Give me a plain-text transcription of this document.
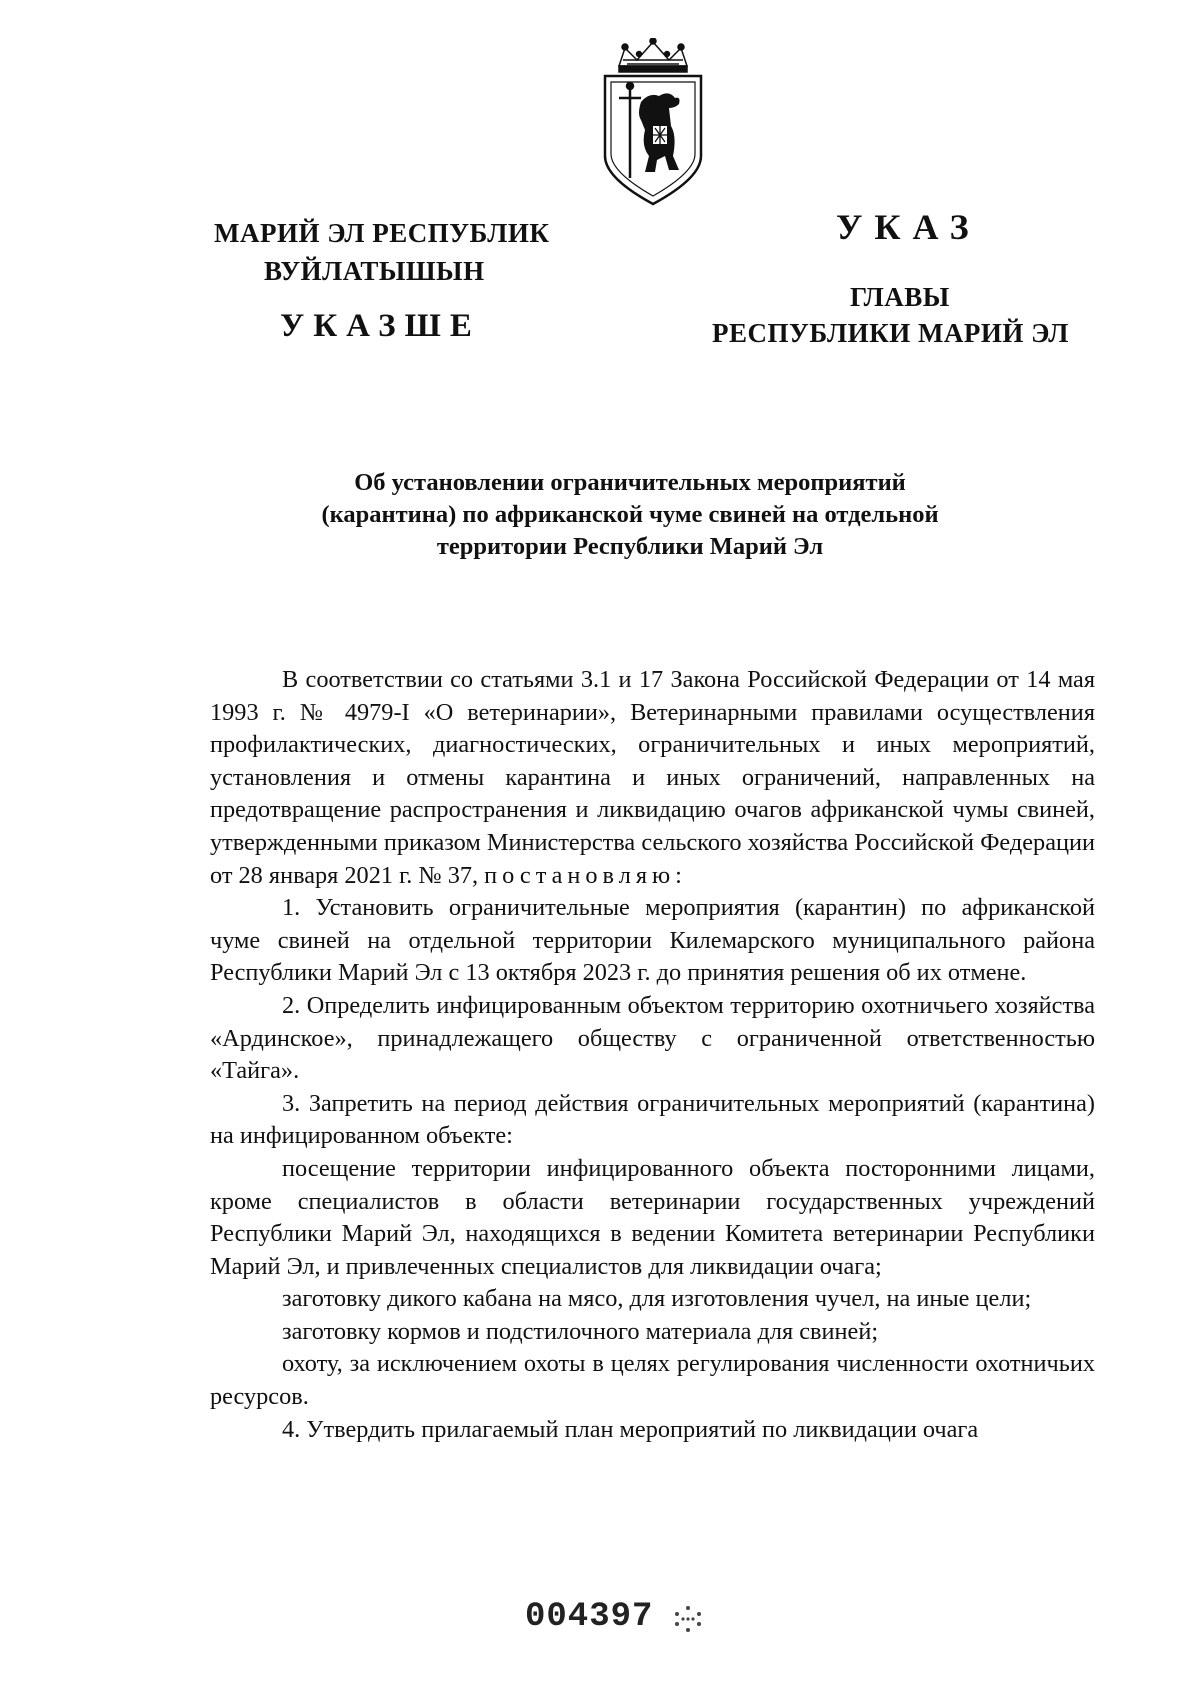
МАРИЙ ЭЛ РЕСПУБЛИК
ВУЙЛАТЫШЫН
УКАЗШЕ
УКАЗ
ГЛАВЫ
РЕСПУБЛИКИ МАРИЙ ЭЛ
Об установлении ограничительных мероприятий
(карантина) по африканской чуме свиней на отдельной
территории Республики Марий Эл

В соответствии со статьями 3.1 и 17 Закона Российской Федерации от 14 мая 1993 г. № 4979-I «О ветеринарии», Ветеринарными правилами осуществления профилактических, диагностических, ограничительных и иных мероприятий, установления и отмены карантина и иных ограничений, направленных на предотвращение распространения и ликвидацию очагов африканской чумы свиней, утвержденными приказом Министерства сельского хозяйства Российской Федерации от 28 января 2021 г. № 37, постановляю:

1. Установить ограничительные мероприятия (карантин) по африканской чуме свиней на отдельной территории Килемарского муниципального района Республики Марий Эл с 13 октября 2023 г. до принятия решения об их отмене.

2. Определить инфицированным объектом территорию охотничьего хозяйства «Ардинское», принадлежащего обществу с ограниченной ответственностью «Тайга».

3. Запретить на период действия ограничительных мероприятий (карантина) на инфицированном объекте:

посещение территории инфицированного объекта посторонними лицами, кроме специалистов в области ветеринарии государственных учреждений Республики Марий Эл, находящихся в ведении Комитета ветеринарии Республики Марий Эл, и привлеченных специалистов для ликвидации очага;

заготовку дикого кабана на мясо, для изготовления чучел, на иные цели;

заготовку кормов и подстилочного материала для свиней;

охоту, за исключением охоты в целях регулирования численности охотничьих ресурсов.

4. Утвердить прилагаемый план мероприятий по ликвидации очага

004397
